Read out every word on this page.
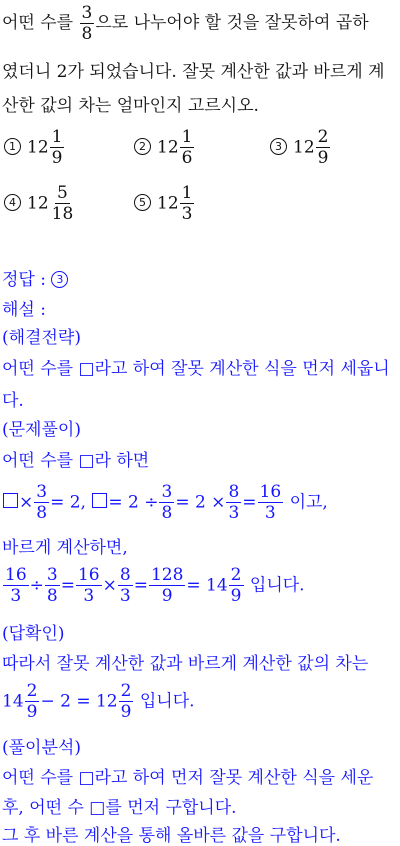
어떤 수를 $\frac{3}{8}$ 으로 나누어야 할 것을 잘못하여 곱하
였더니 2가 되었습니다. 잘못 계산한 값과 바르게 계
산한 값의 차는 얼마인지 고르시오.
1 $12 \frac{1}{9}$	2 $12 \frac{1}{6}$	3 $12 \frac{2}{9}$
4 $12 \frac{5}{18}$	5 $12 \frac{1}{3}$
정답 : 3
해설 :
(해결전략)
어떤 수를 □라고 하여 잘못 계산한 식을 먼저 세웁니
다.
(문제풀이)
어떤 수를 □라 하면
× $\frac{3}{8} = 2$, = $2 \div \frac{3}{8} = 2 \times \frac{8}{3} = \frac{16}{3}$ 이고,
바르게 계산하면,
$\frac{16}{3} \div \frac{3}{8} = \frac{16}{3} \times \frac{8}{3} = \frac{128}{9} = 14 \frac{2}{9}$ 입니다.
(답확인)
따라서 잘못 계산한 값과 바르게 계산한 값의 차는
$14 \frac{2}{9} - 2 = 12 \frac{2}{9}$ 입니다.
(풀이분석)
어떤 수를 □라고 하여 먼저 잘못 계산한 식을 세운
후, 어떤 수 □를 먼저 구합니다.
그 후 바른 계산을 통해 올바른 값을 구합니다.
